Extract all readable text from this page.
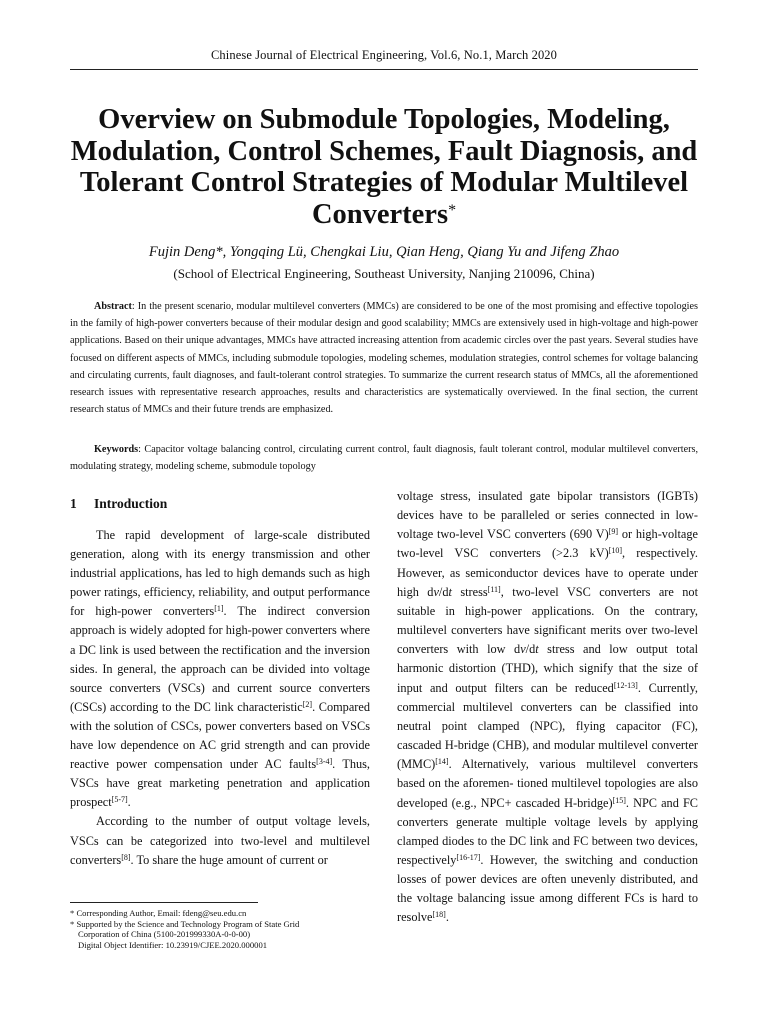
Chinese Journal of Electrical Engineering, Vol.6, No.1, March 2020
Overview on Submodule Topologies, Modeling, Modulation, Control Schemes, Fault Diagnosis, and Tolerant Control Strategies of Modular Multilevel Converters*
Fujin Deng*, Yongqing Lü, Chengkai Liu, Qian Heng, Qiang Yu and Jifeng Zhao
(School of Electrical Engineering, Southeast University, Nanjing 210096, China)

Abstract: In the present scenario, modular multilevel converters (MMCs) are considered to be one of the most promising and effective topologies in the family of high-power converters because of their modular design and good scalability; MMCs are extensively used in high-voltage and high-power applications. Based on their unique advantages, MMCs have attracted increasing attention from academic circles over the past years. Several studies have focused on different aspects of MMCs, including submodule topologies, modeling schemes, modulation strategies, control schemes for voltage balancing and circulating currents, fault diagnoses, and fault-tolerant control strategies. To summarize the current research status of MMCs, all the aforementioned research issues with representative research approaches, results and characteristics are systematically overviewed. In the final section, the current research status of MMCs and their future trends are emphasized.

Keywords: Capacitor voltage balancing control, circulating current control, fault diagnosis, fault tolerant control, modular multilevel converters, modulating strategy, modeling scheme, submodule topology

1 Introduction

The rapid development of large-scale distributed generation, along with its energy transmission and other industrial applications, has led to high demands such as high power ratings, efficiency, reliability, and output performance for high-power converters[1]. The indirect conversion approach is widely adopted for high-power converters where a DC link is used between the rectification and the inversion sides. In general, the approach can be divided into voltage source converters (VSCs) and current source converters (CSCs) according to the DC link characteristic[2]. Compared with the solution of CSCs, power converters based on VSCs have low dependence on AC grid strength and can provide reactive power compensation under AC faults[3-4]. Thus, VSCs have great marketing penetration and application prospect[5-7].

According to the number of output voltage levels, VSCs can be categorized into two-level and multilevel converters[8]. To share the huge amount of current or

voltage stress, insulated gate bipolar transistors (IGBTs) devices have to be paralleled or series connected in low-voltage two-level VSC converters (690 V)[9] or high-voltage two-level VSC converters (>2.3 kV)[10], respectively. However, as semiconductor devices have to operate under high dv/dt stress[11], two-level VSC converters are not suitable in high-power applications. On the contrary, multilevel converters have significant merits over two-level converters with low dv/dt stress and low output total harmonic distortion (THD), which signify that the size of input and output filters can be reduced[12-13]. Currently, commercial multilevel converters can be classified into neutral point clamped (NPC), flying capacitor (FC), cascaded H-bridge (CHB), and modular multilevel converter (MMC)[14]. Alternatively, various multilevel converters based on the aforemen- tioned multilevel topologies are also developed (e.g., NPC+ cascaded H-bridge)[15]. NPC and FC converters generate multiple voltage levels by applying clamped diodes to the DC link and FC between two devices, respectively[16-17]. However, the switching and conduction losses of power devices are often unevenly distributed, and the voltage balancing issue among different FCs is hard to resolve[18].

* Corresponding Author, Email: fdeng@seu.edu.cn

* Supported by the Science and Technology Program of State Grid

Corporation of China (5100-201999330A-0-0-00)

Digital Object Identifier: 10.23919/CJEE.2020.000001
